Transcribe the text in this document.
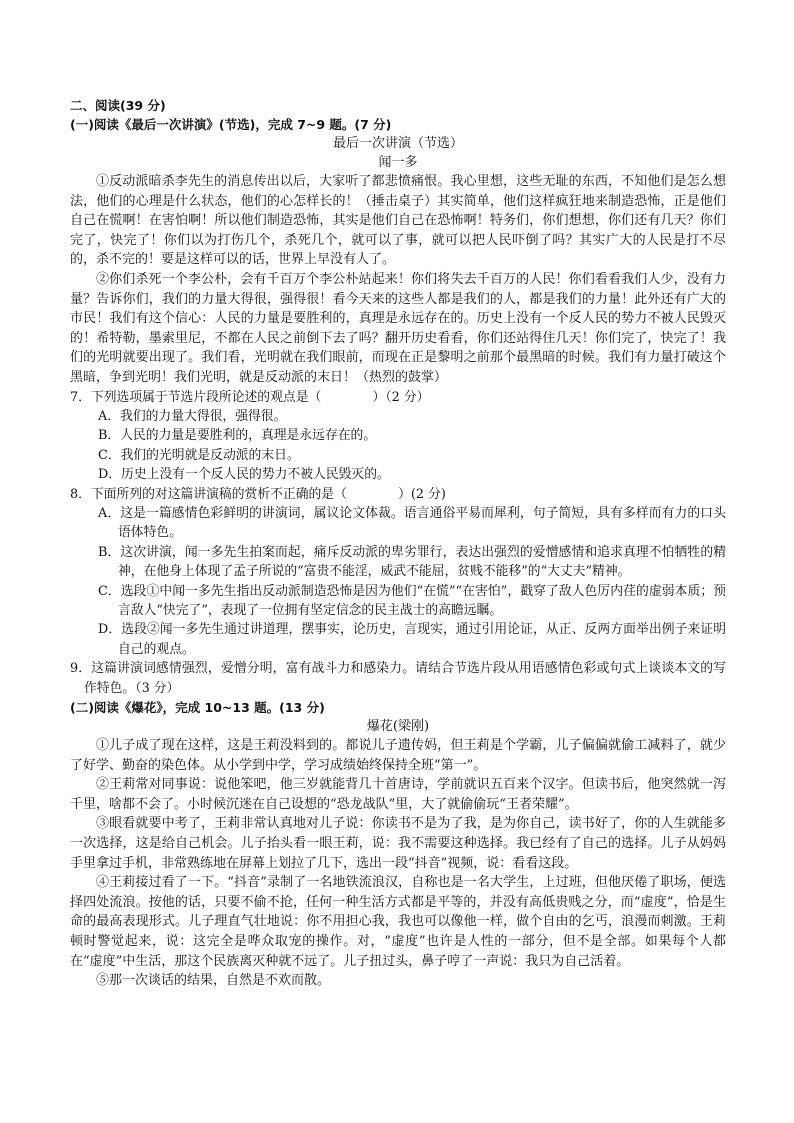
二、阅读(39 分)

(一)阅读《最后一次讲演》(节选)，完成 7~9 题。(7 分)

最后一次讲演（节选）

闻一多

①反动派暗杀李先生的消息传出以后，大家听了都悲愤痛恨。我心里想，这些无耻的东西，不知他们是怎么想法，他们的心理是什么状态，他们的心怎样长的！（捶击桌子）其实简单，他们这样疯狂地来制造恐怖，正是他们自己在慌啊！在害怕啊！所以他们制造恐怖，其实是他们自己在恐怖啊！特务们，你们想想，你们还有几天？你们完了，快完了！你们以为打伤几个，杀死几个，就可以了事，就可以把人民吓倒了吗？其实广大的人民是打不尽的，杀不完的！要是这样可以的话，世界上早没有人了。

②你们杀死一个李公朴，会有千百万个李公朴站起来！你们将失去千百万的人民！你们看看我们人少，没有力量？告诉你们，我们的力量大得很，强得很！看今天来的这些人都是我们的人，都是我们的力量！此外还有广大的市民！我们有这个信心：人民的力量是要胜利的，真理是永远存在的。历史上没有一个反人民的势力不被人民毁灭的！希特勒，墨索里尼，不都在人民之前倒下去了吗？翻开历史看看，你们还站得住几天！你们完了，快完了！我们的光明就要出现了。我们看，光明就在我们眼前，而现在正是黎明之前那个最黑暗的时候。我们有力量打破这个黑暗，争到光明！我们光明，就是反动派的末日！（热烈的鼓掌）

7．下列选项属于节选片段所论述的观点是（　　　　）（2 分）

A．我们的力量大得很，强得很。

B．人民的力量是要胜利的，真理是永远存在的。

C．我们的光明就是反动派的末日。

D．历史上没有一个反人民的势力不被人民毁灭的。

8．下面所列的对这篇讲演稿的赏析不正确的是（　　　　）(2 分)

A．这是一篇感情色彩鲜明的讲演词，属议论文体裁。语言通俗平易而犀利，句子简短，具有多样而有力的口头语体特色。

B．这次讲演，闻一多先生拍案而起，痛斥反动派的卑劣罪行，表达出强烈的爱憎感情和追求真理不怕牺牲的精神，在他身上体现了孟子所说的“富贵不能淫，威武不能屈，贫贱不能移”的“大丈夫”精神。

C．选段①中闻一多先生指出反动派制造恐怖是因为他们“在慌”“在害怕”，戳穿了敌人色厉内荏的虚弱本质；预言敌人“快完了”，表现了一位拥有坚定信念的民主战士的高瞻远瞩。

D．选段②闻一多先生通过讲道理，摆事实，论历史，言现实，通过引用论证，从正、反两方面举出例子来证明自己的观点。

9．这篇讲演词感情强烈，爱憎分明，富有战斗力和感染力。请结合节选片段从用语感情色彩或句式上谈谈本文的写作特色。（3 分）

(二)阅读《爆花》，完成 10~13 题。(13 分)

爆花(梁刚)

①儿子成了现在这样，这是王莉没料到的。都说儿子遗传妈，但王莉是个学霸，儿子偏偏就偷工减料了，就少了好学、勤奋的染色体。从小学到中学，学习成绩始终保持全班“第一”。

②王莉常对同事说：说他笨吧，他三岁就能背几十首唐诗，学前就识五百来个汉字。但读书后，他突然就一泻千里，啥都不会了。小时候沉迷在自己设想的“恐龙战队”里，大了就偷偷玩“王者荣耀”。

③眼看就要中考了，王莉非常认真地对儿子说：你读书不是为了我，是为你自己，读书好了，你的人生就能多一次选择，这是给自己机会。儿子抬头看一眼王莉，说：我不需要这种选择。我已经有了自己的选择。儿子从妈妈手里拿过手机，非常熟练地在屏幕上划拉了几下，选出一段“抖音”视频，说：看看这段。

④王莉接过看了一下。“抖音”录制了一名地铁流浪汉，自称也是一名大学生，上过班，但他厌倦了职场，便选择四处流浪。按他的话，只要不偷不抢，任何一种生活方式都是平等的，并没有高低贵贱之分，而“虚度”，恰是生命的最高表现形式。儿子理直气壮地说：你不用担心我，我也可以像他一样，做个自由的乞丐，浪漫而刺激。王莉顿时警觉起来，说：这完全是哗众取宠的操作。对，“虚度”也许是人性的一部分，但不是全部。如果每个人都在“虚度”中生活，那这个民族离灭种就不远了。儿子扭过头，鼻子哼了一声说：我只为自己活着。

⑤那一次谈话的结果，自然是不欢而散。
